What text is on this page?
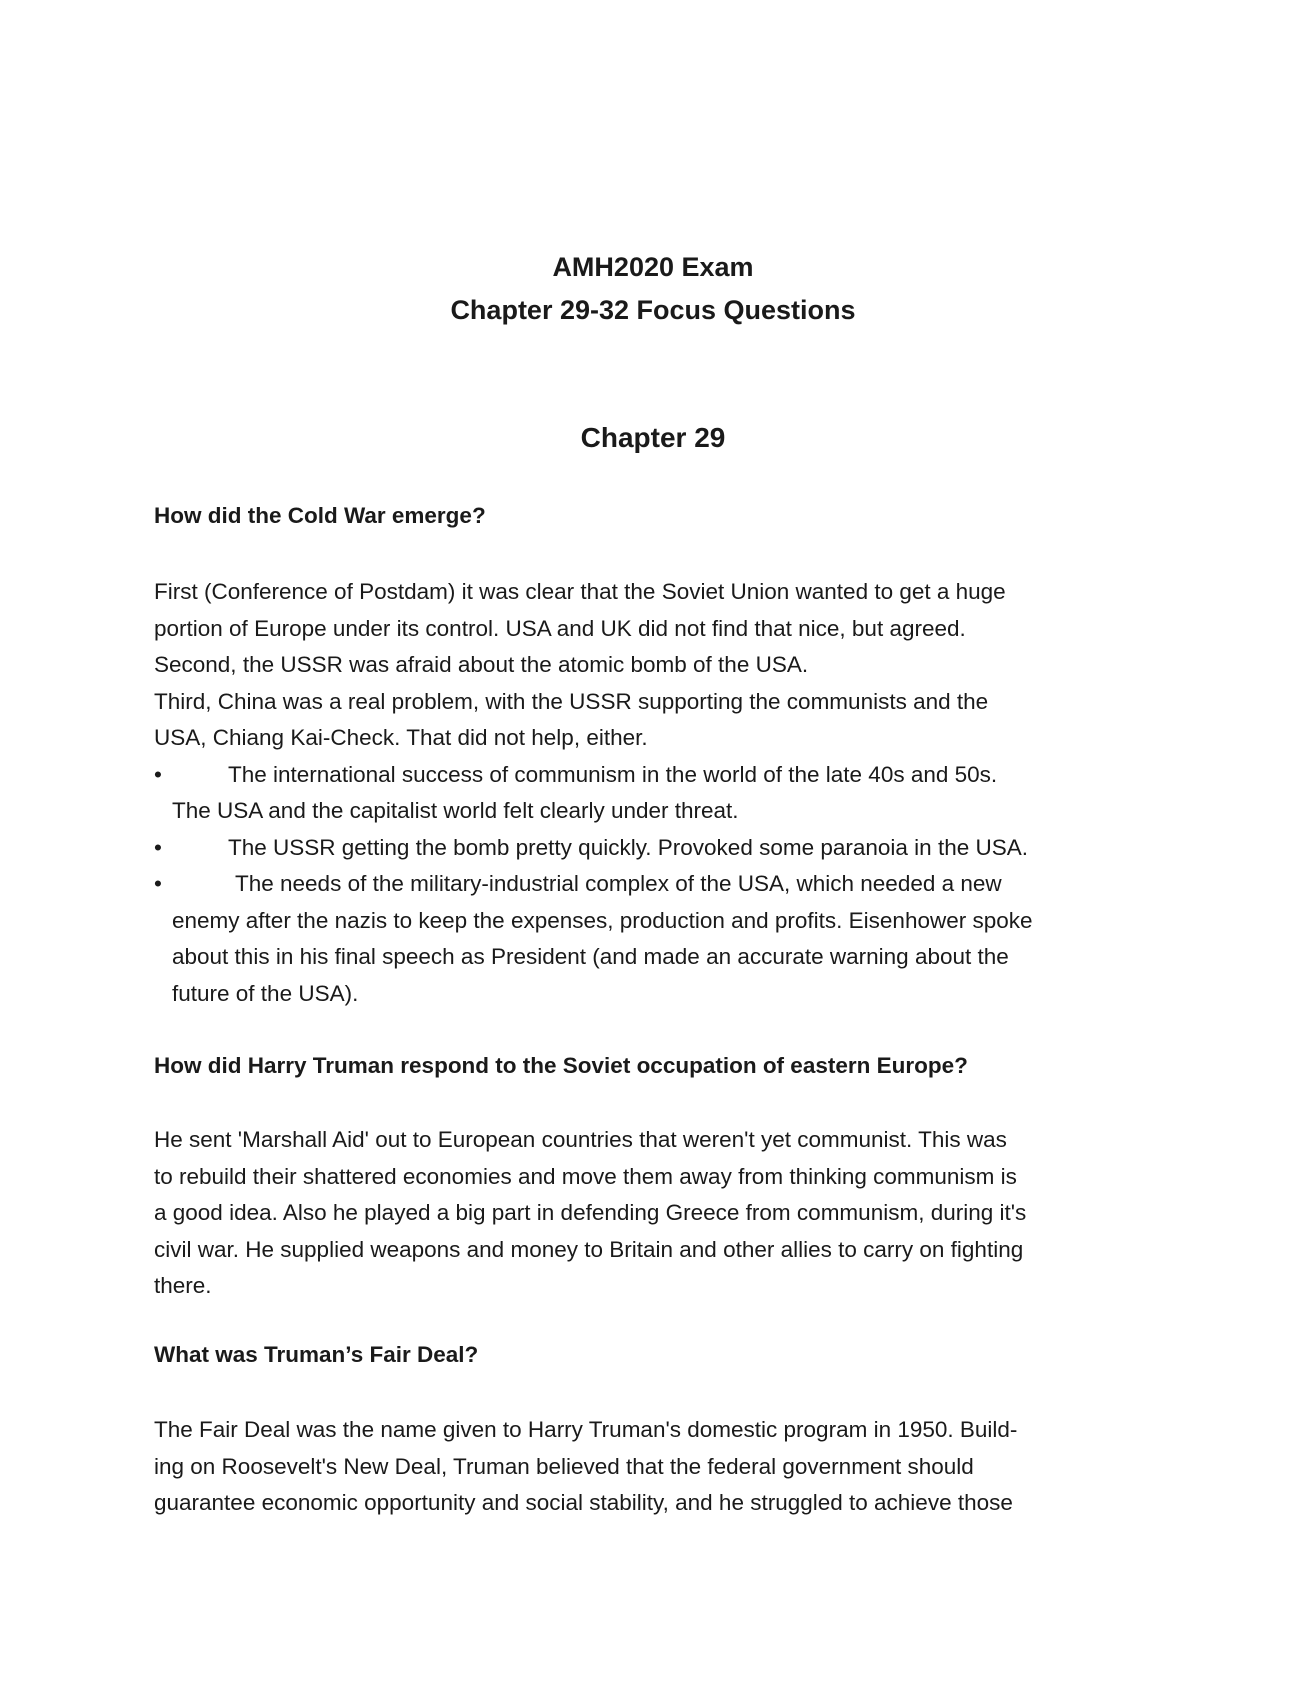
AMH2020 Exam
Chapter 29-32 Focus Questions
Chapter 29
How did the Cold War emerge?
First (Conference of Postdam) it was clear that the Soviet Union wanted to get a huge
portion of Europe under its control. USA and UK did not find that nice, but agreed.
Second, the USSR was afraid about the atomic bomb of the USA.
Third, China was a real problem, with the USSR supporting the communists and the
USA, Chiang Kai-Check. That did not help, either.
•	The international success of communism in the world of the late 40s and 50s.
The USA and the capitalist world felt clearly under threat.
•	The USSR getting the bomb pretty quickly. Provoked some paranoia in the USA.
•	The needs of the military-industrial complex of the USA, which needed a new
enemy after the nazis to keep the expenses, production and profits. Eisenhower spoke
about this in his final speech as President (and made an accurate warning about the
future of the USA).
How did Harry Truman respond to the Soviet occupation of eastern Europe?
He sent 'Marshall Aid' out to European countries that weren't yet communist. This was
to rebuild their shattered economies and move them away from thinking communism is
a good idea. Also he played a big part in defending Greece from communism, during it's
civil war. He supplied weapons and money to Britain and other allies to carry on fighting
there.
What was Truman’s Fair Deal?
The Fair Deal was the name given to Harry Truman's domestic program in 1950. Build-
ing on Roosevelt's New Deal, Truman believed that the federal government should
guarantee economic opportunity and social stability, and he struggled to achieve those
